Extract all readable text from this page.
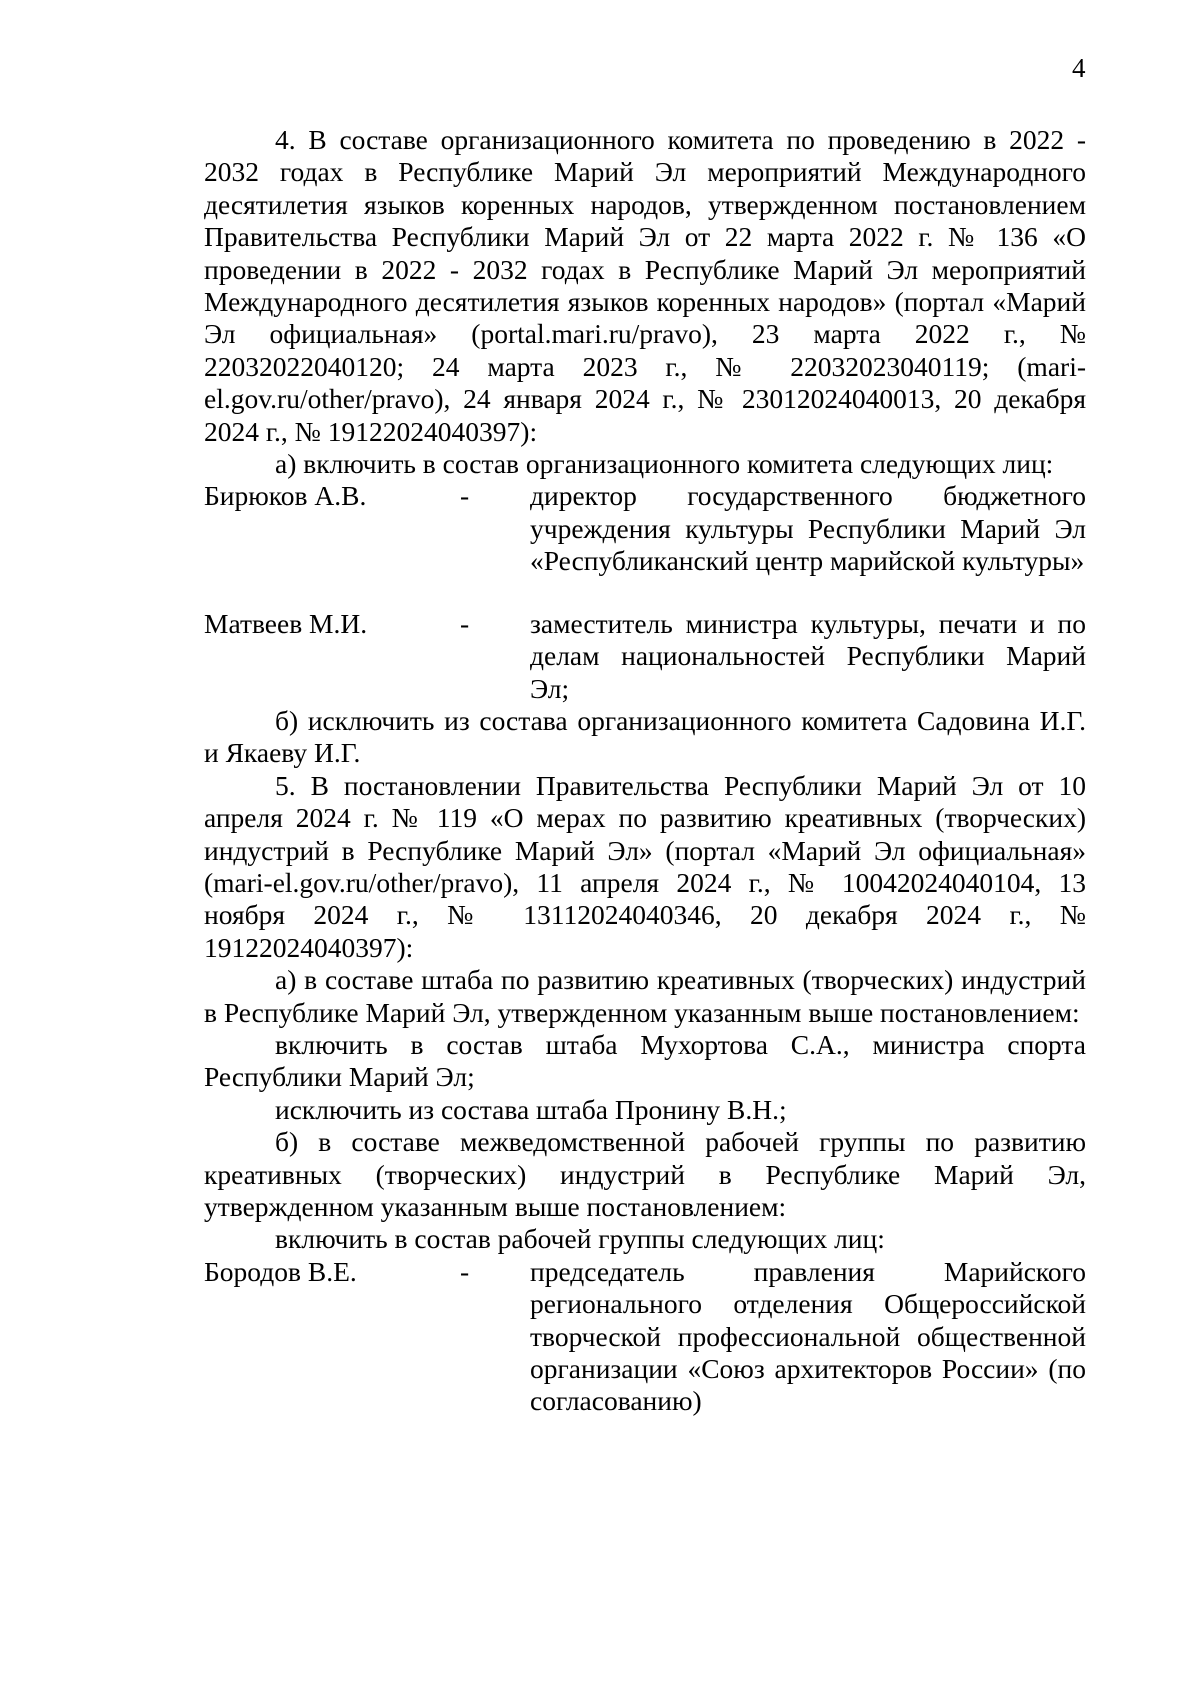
4

4. В составе организационного комитета по проведению в 2022 - 2032 годах в Республике Марий Эл мероприятий Международного десятилетия языков коренных народов, утвержденном постановлением Правительства Республики Марий Эл от 22 марта 2022 г. № 136 «О проведении в 2022 - 2032 годах в Республике Марий Эл мероприятий Международного десятилетия языков коренных народов» (портал «Марий Эл официальная» (portal.mari.ru/pravo), 23 марта 2022 г., № 22032022040120; 24 марта 2023 г., № 22032023040119; (mari-el.gov.ru/other/pravo), 24 января 2024 г., № 23012024040013, 20 декабря 2024 г., № 19122024040397):

а) включить в состав организационного комитета следующих лиц:

Бирюков А.В.	-	директор государственного бюджетного учреждения культуры Республики Марий Эл «Республиканский центр марийской культуры»
Матвеев М.И.	-	заместитель министра культуры, печати и по делам национальностей Республики Марий Эл;

б) исключить из состава организационного комитета Садовина И.Г. и Якаеву И.Г.

5. В постановлении Правительства Республики Марий Эл от 10 апреля 2024 г. № 119 «О мерах по развитию креативных (творческих) индустрий в Республике Марий Эл» (портал «Марий Эл официальная» (mari-el.gov.ru/other/pravo), 11 апреля 2024 г., № 10042024040104, 13 ноября 2024 г., № 13112024040346, 20 декабря 2024 г., № 19122024040397):

а) в составе штаба по развитию креативных (творческих) индустрий в Республике Марий Эл, утвержденном указанным выше постановлением:

включить в состав штаба Мухортова С.А., министра спорта Республики Марий Эл;

исключить из состава штаба Пронину В.Н.;

б) в составе межведомственной рабочей группы по развитию креативных (творческих) индустрий в Республике Марий Эл, утвержденном указанным выше постановлением:

включить в состав рабочей группы следующих лиц:

Бородов В.Е.	-	председатель правления Марийского регионального отделения Общероссийской творческой профессиональной общественной организации «Союз архитекторов России» (по согласованию)
